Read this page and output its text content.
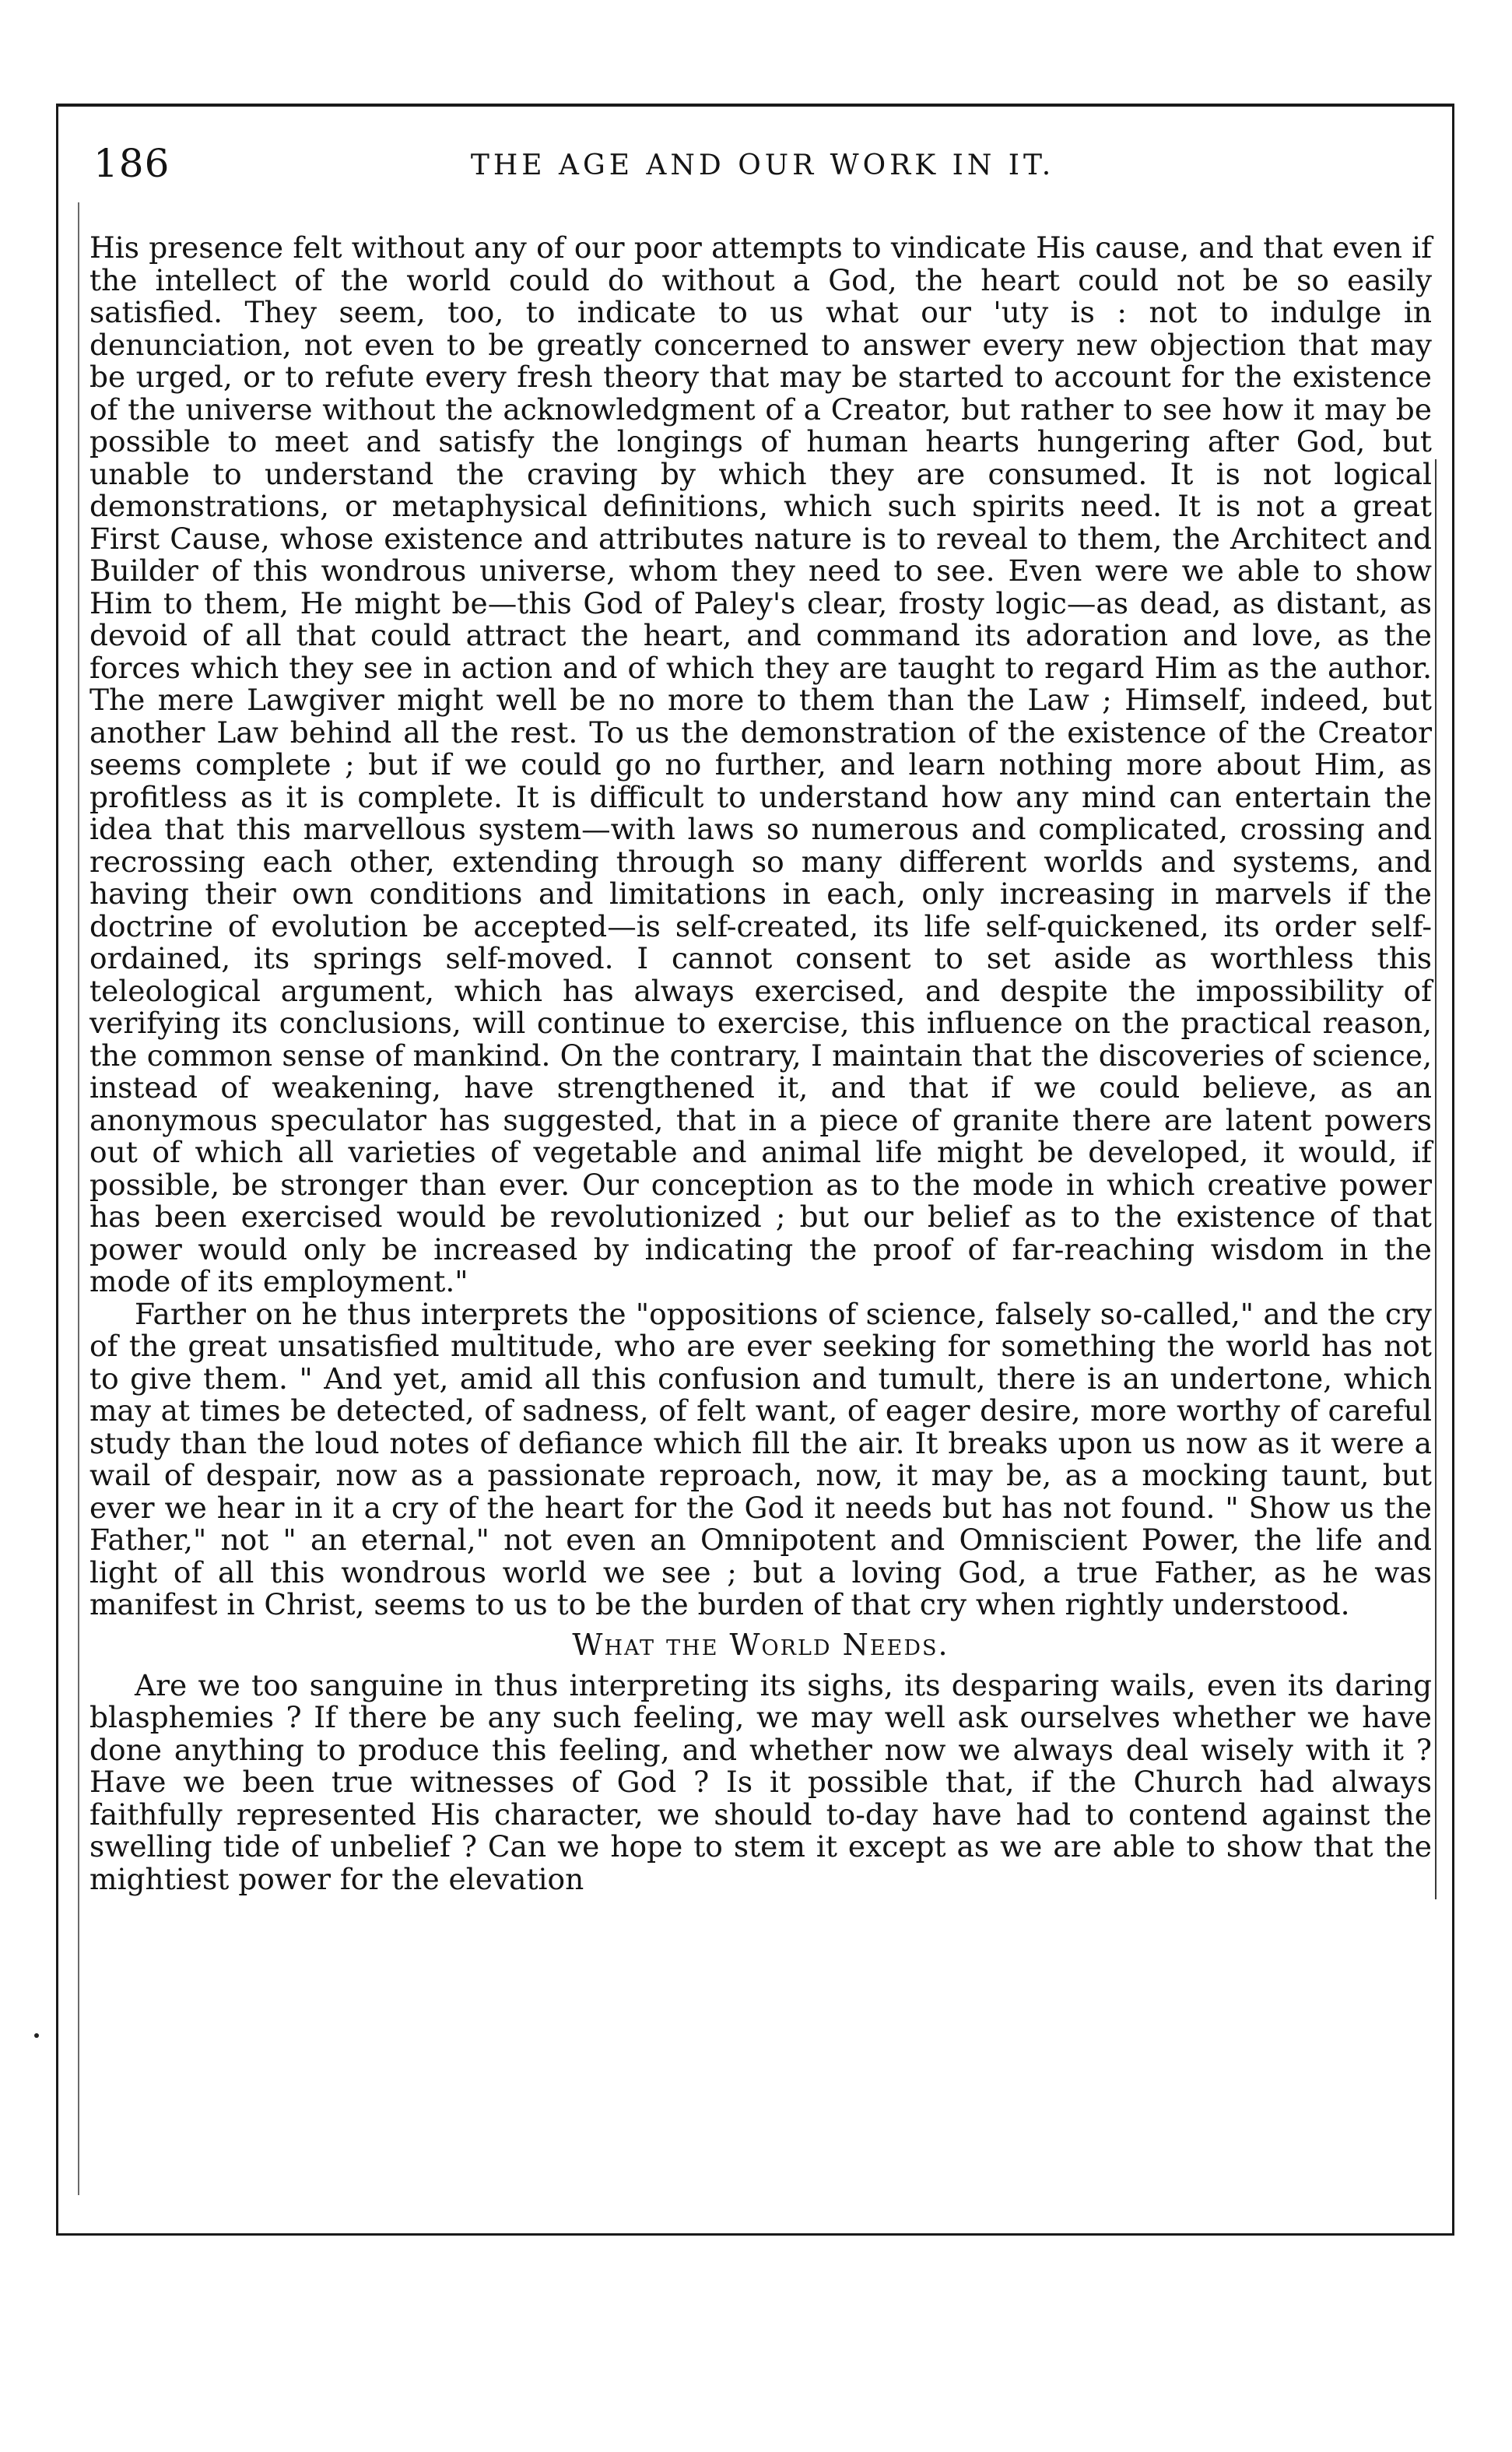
186	THE AGE AND OUR WORK IN IT.

His presence felt without any of our poor attempts to vindicate His cause, and that even if the intellect of the world could do without a God, the heart could not be so easily satisfied. They seem, too, to indicate to us what our 'uty is : not to indulge in denunciation, not even to be greatly concerned to answer every new objection that may be urged, or to refute every fresh theory that may be started to account for the existence of the universe without the acknowledgment of a Creator, but rather to see how it may be possible to meet and satisfy the longings of human hearts hungering after God, but unable to understand the craving by which they are consumed. It is not logical demonstrations, or metaphysical definitions, which such spirits need. It is not a great First Cause, whose existence and attributes nature is to reveal to them, the Architect and Builder of this wondrous universe, whom they need to see. Even were we able to show Him to them, He might be—this God of Paley's clear, frosty logic—as dead, as distant, as devoid of all that could attract the heart, and command its adoration and love, as the forces which they see in action and of which they are taught to regard Him as the author. The mere Lawgiver might well be no more to them than the Law ; Himself, indeed, but another Law behind all the rest. To us the demonstration of the existence of the Creator seems complete ; but if we could go no further, and learn nothing more about Him, as profitless as it is complete. It is difficult to understand how any mind can entertain the idea that this marvellous system—with laws so numerous and complicated, crossing and recrossing each other, extending through so many different worlds and systems, and having their own conditions and limitations in each, only increasing in marvels if the doctrine of evolution be accepted—is self-created, its life self-quickened, its order self-ordained, its springs self-moved. I cannot consent to set aside as worthless this teleological argument, which has always exercised, and despite the impossibility of verifying its conclusions, will continue to exercise, this influence on the practical reason, the common sense of mankind. On the contrary, I maintain that the discoveries of science, instead of weakening, have strengthened it, and that if we could believe, as an anonymous speculator has suggested, that in a piece of granite there are latent powers out of which all varieties of vegetable and animal life might be developed, it would, if possible, be stronger than ever. Our conception as to the mode in which creative power has been exercised would be revolutionized ; but our belief as to the existence of that power would only be increased by indicating the proof of far-reaching wisdom in the mode of its employment."

Farther on he thus interprets the "oppositions of science, falsely so-called," and the cry of the great unsatisfied multitude, who are ever seeking for something the world has not to give them. " And yet, amid all this confusion and tumult, there is an undertone, which may at times be detected, of sadness, of felt want, of eager desire, more worthy of careful study than the loud notes of defiance which fill the air. It breaks upon us now as it were a wail of despair, now as a passionate reproach, now, it may be, as a mocking taunt, but ever we hear in it a cry of the heart for the God it needs but has not found. " Show us the Father," not " an eternal," not even an Omnipotent and Omniscient Power, the life and light of all this wondrous world we see ; but a loving God, a true Father, as he was manifest in Christ, seems to us to be the burden of that cry when rightly understood.

What the World Needs.

Are we too sanguine in thus interpreting its sighs, its desparing wails, even its daring blasphemies ? If there be any such feeling, we may well ask ourselves whether we have done anything to produce this feeling, and whether now we always deal wisely with it ? Have we been true witnesses of God ? Is it possible that, if the Church had always faithfully represented His character, we should to-day have had to contend against the swelling tide of unbelief ? Can we hope to stem it except as we are able to show that the mightiest power for the elevation
